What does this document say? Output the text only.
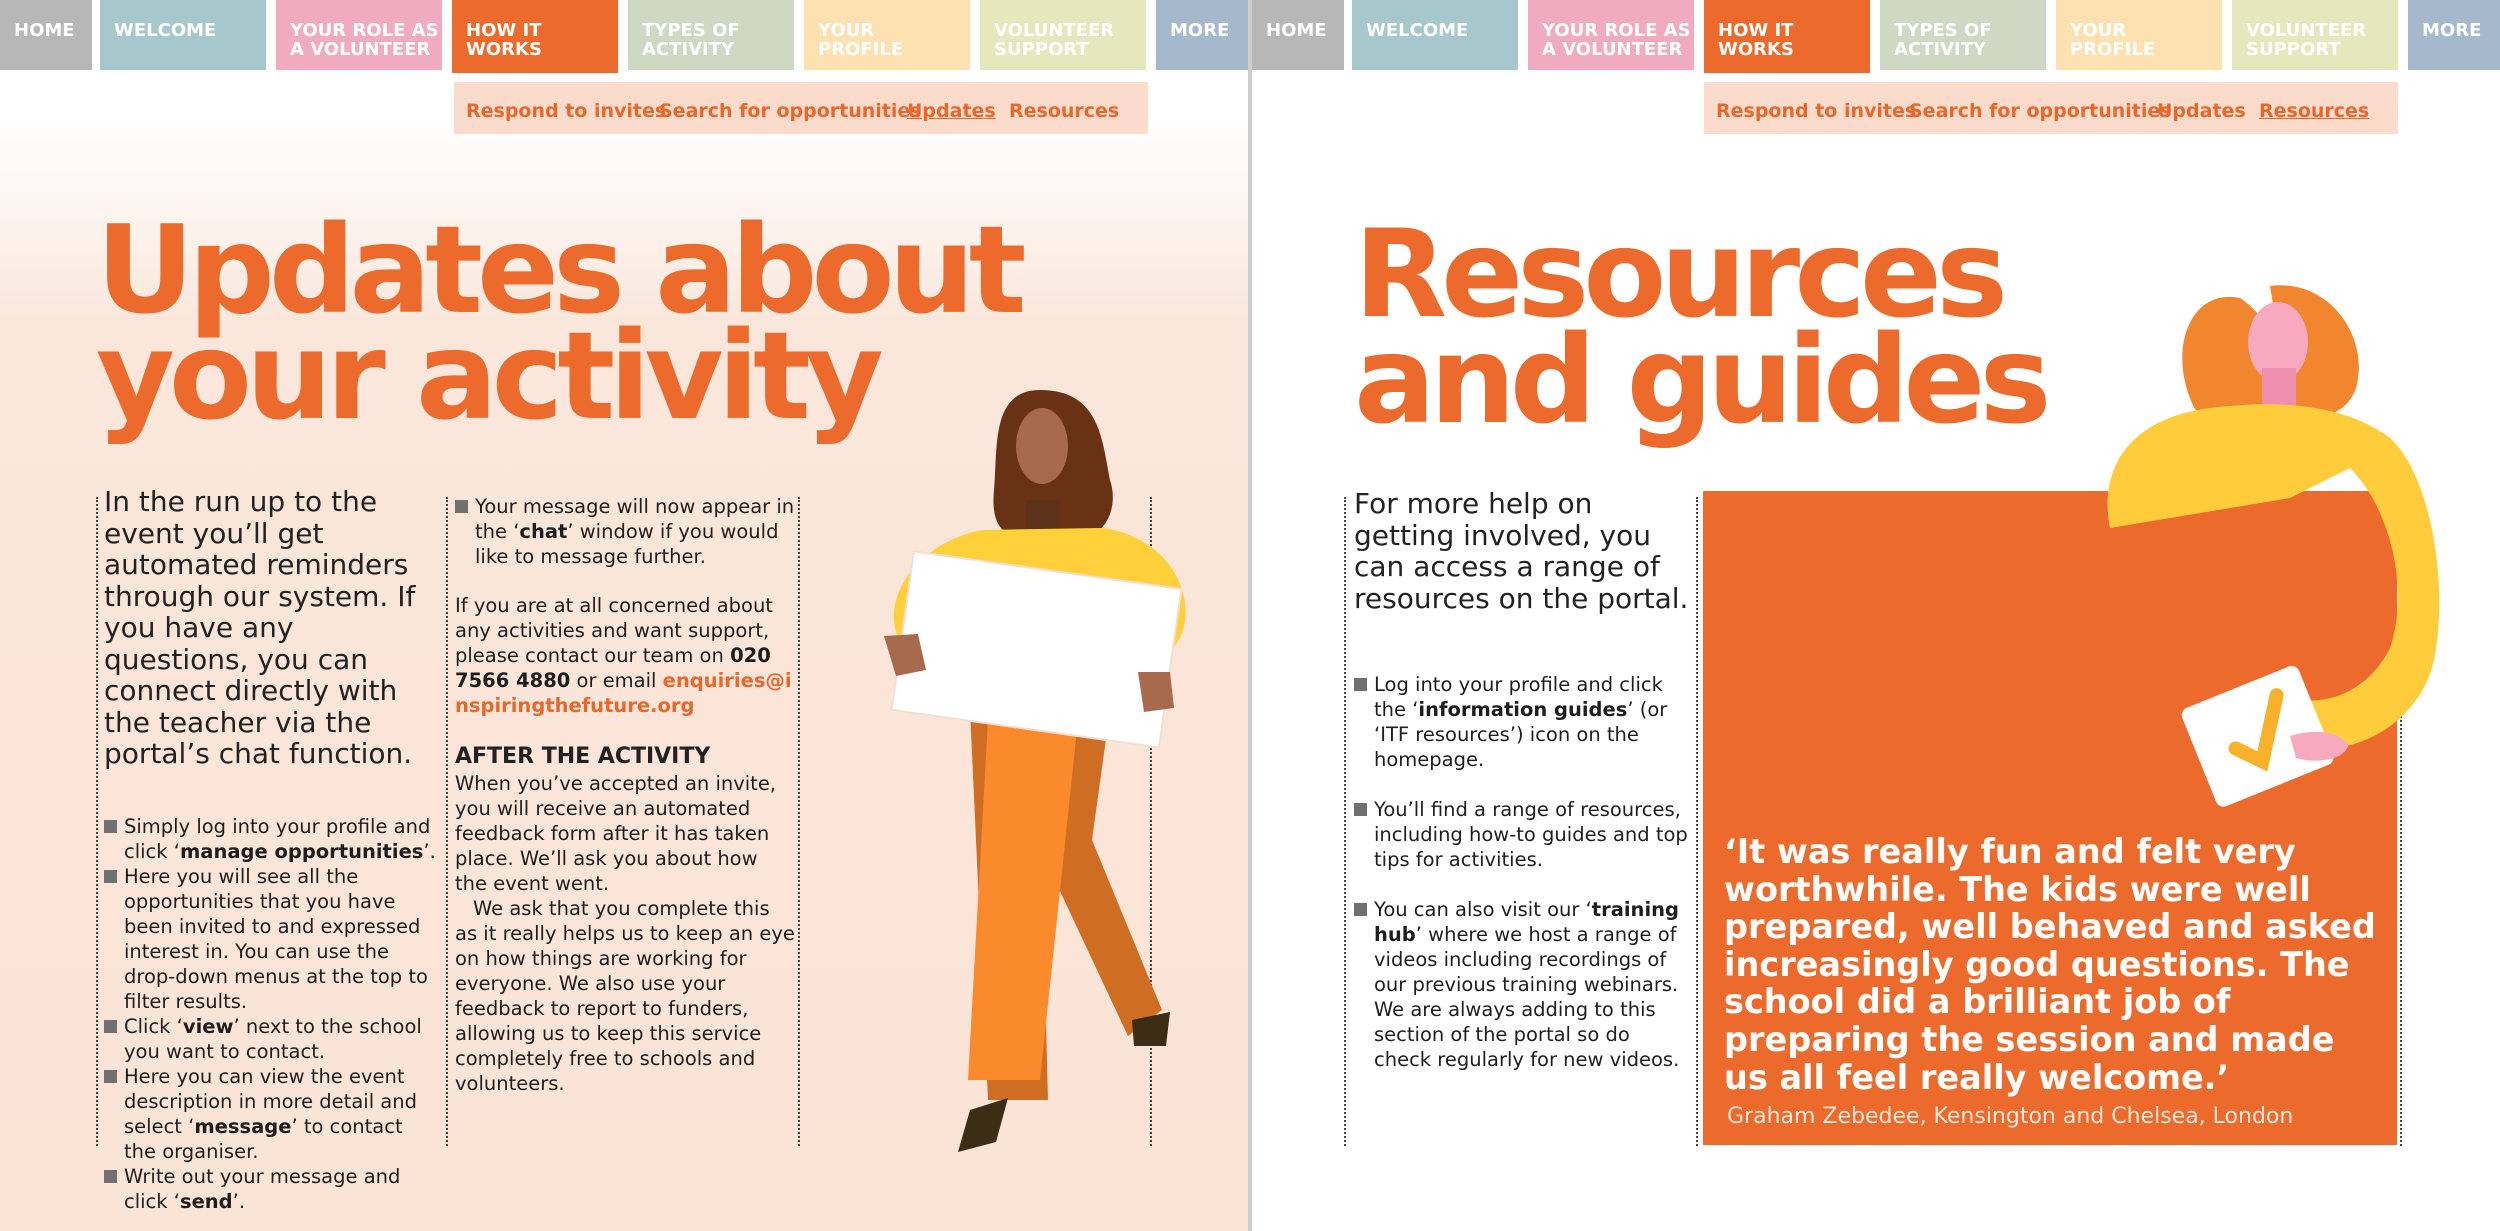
HOME	WELCOME	YOUR ROLE AS
A VOLUNTEER
HOW IT
WORKS
TYPES OF
ACTIVITY
YOUR
PROFILE
VOLUNTEER
SUPPORT
MORE
Respond to invites
Search for opportunities
Updates Resources
Updates about
your activity

In the run up to the event you’ll get automated reminders through our system. If you have any questions, you can connect directly with the teacher via the portal’s chat function.

Simply log into your profile and click ‘manage opportunities’.
Here you will see all the opportunities that you have been invited to and expressed interest in. You can use the drop-down menus at the top to filter results.
Click ‘view’ next to the school you want to contact.
Here you can view the event description in more detail and select ‘message’ to contact the organiser.
Write out your message and click ‘send’.
Your message will now appear in the ‘chat’ window if you would like to message further.

If you are at all concerned about any activities and want support, please contact our team on 020 7566 4880 or email enquiries@inspiringthefuture.org

AFTER THE ACTIVITY

When you’ve accepted an invite, you will receive an automated feedback form after it has taken place. We’ll ask you about how the event went.

We ask that you complete this as it really helps us to keep an eye on how things are working for everyone. We also use your feedback to report to funders, allowing us to keep this service completely free to schools and volunteers.

HOME	WELCOME	YOUR ROLE AS
A VOLUNTEER
HOW IT
WORKS
TYPES OF
ACTIVITY
YOUR
PROFILE
VOLUNTEER
SUPPORT
MORE
Respond to invites
Search for opportunities
Updates Resources
Resources
and guides

For more help on getting involved, you can access a range of resources on the portal.

Log into your profile and click the ‘information guides’ (or ‘ITF resources’) icon on the homepage.
You’ll find a range of resources, including how-to guides and top tips for activities.
You can also visit our ‘training hub’ where we host a range of videos including recordings of our previous training webinars. We are always adding to this section of the portal so do check regularly for new videos.

‘It was really fun and felt very worthwhile. The kids were well prepared, well behaved and asked increasingly good questions. The school did a brilliant job of preparing the session and made us all feel really welcome.’

Graham Zebedee, Kensington and Chelsea, London
